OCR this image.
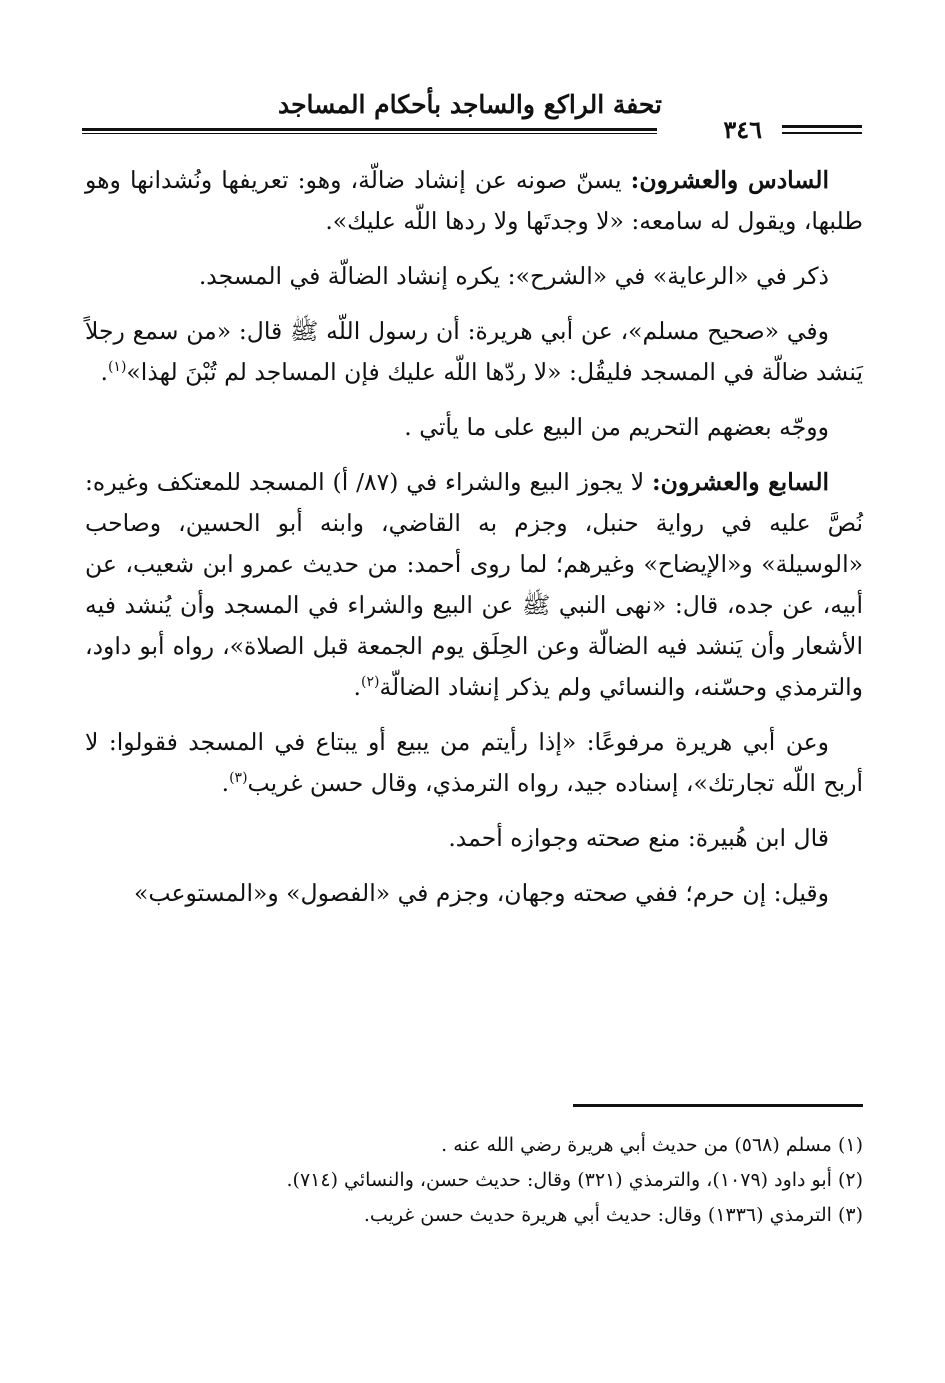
تحفة الراكع والساجد بأحكام المساجد
٣٤٦

السادس والعشرون: يسنّ صونه عن إنشاد ضالّة، وهو: تعريفها ونُشدانها وهو طلبها، ويقول له سامعه: «لا وجدتَها ولا ردها اللّه عليك».

ذكر في «الرعاية» في «الشرح»: يكره إنشاد الضالّة في المسجد.

وفي «صحيح مسلم»، عن أبي هريرة: أن رسول اللّه ﷺ قال: «من سمع رجلاً يَنشد ضالّة في المسجد فليقُل: «لا ردّها اللّه عليك فإن المساجد لم تُبْنَ لهذا»$^{(١)}$.

ووجّه بعضهم التحريم من البيع على ما يأتي .

السابع والعشرون: لا يجوز البيع والشراء في (٨٧/ أ) المسجد للمعتكف وغيره: نُصَّ عليه في رواية حنبل، وجزم به القاضي، وابنه أبو الحسين، وصاحب «الوسيلة» و«الإيضاح» وغيرهم؛ لما روى أحمد: من حديث عمرو ابن شعيب، عن أبيه، عن جده، قال: «نهى النبي ﷺ عن البيع والشراء في المسجد وأن يُنشد فيه الأشعار وأن يَنشد فيه الضالّة وعن الحِلَق يوم الجمعة قبل الصلاة»، رواه أبو داود، والترمذي وحسّنه، والنسائي ولم يذكر إنشاد الضالّة$^{(٢)}$.

وعن أبي هريرة مرفوعًا: «إذا رأيتم من يبيع أو يبتاع في المسجد فقولوا: لا أربح اللّه تجارتك»، إسناده جيد، رواه الترمذي، وقال حسن غريب$^{(٣)}$.

قال ابن هُبيرة: منع صحته وجوازه أحمد.

وقيل: إن حرم؛ ففي صحته وجهان، وجزم في «الفصول» و«المستوعب»

(١) مسلم (٥٦٨) من حديث أبي هريرة رضي الله عنه .
(٢) أبو داود (١٠٧٩)، والترمذي (٣٢١) وقال: حديث حسن، والنسائي (٧١٤).
(٣) الترمذي (١٣٣٦) وقال: حديث أبي هريرة حديث حسن غريب.
